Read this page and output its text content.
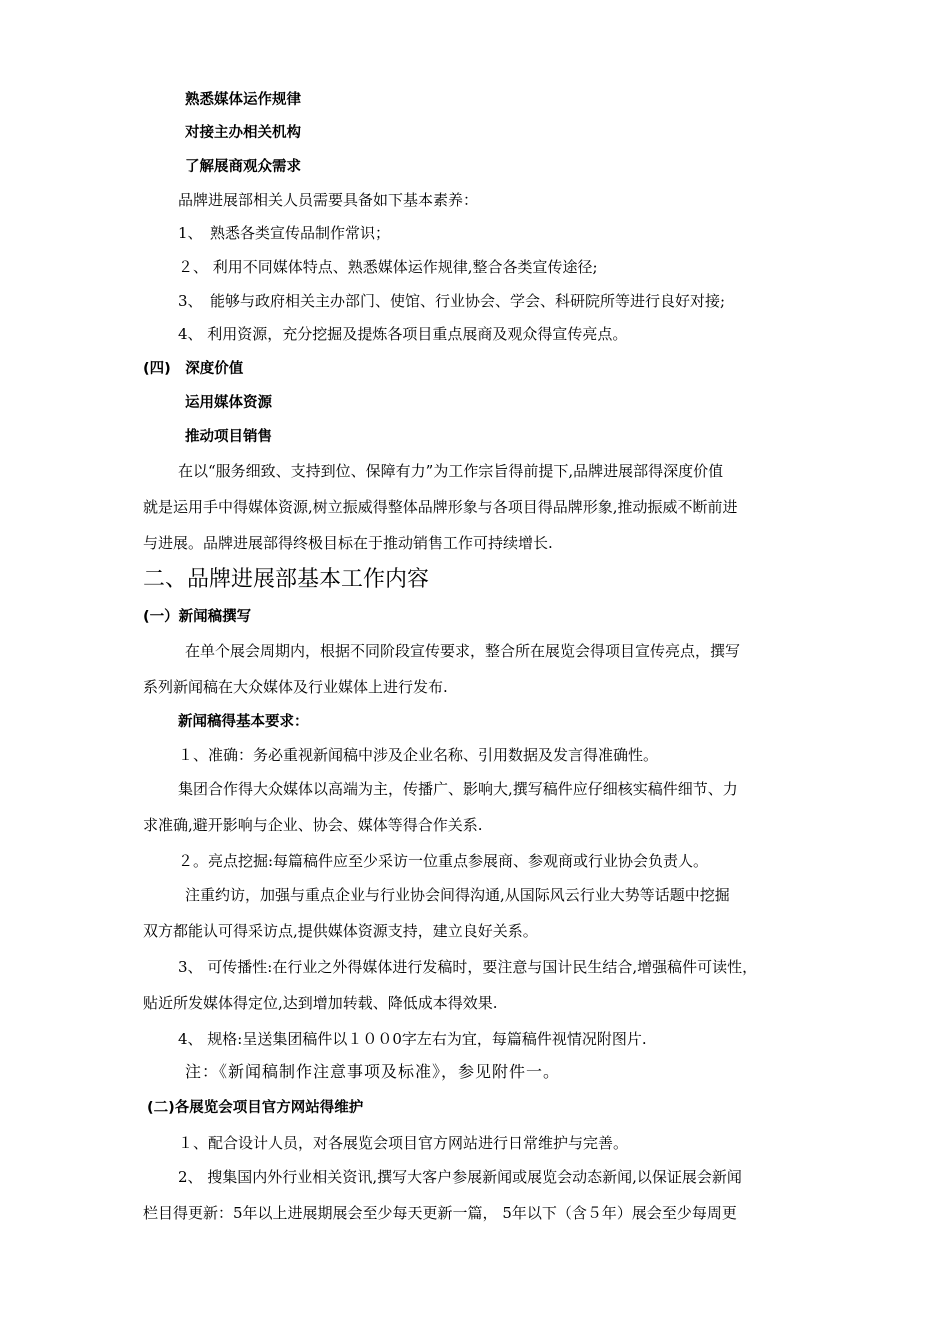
熟悉媒体运作规律
对接主办相关机构
了解展商观众需求
品牌进展部相关人员需要具备如下基本素养：
1、　熟悉各类宣传品制作常识；
２、 利用不同媒体特点、熟悉媒体运作规律,整合各类宣传途径;
3、　能够与政府相关主办部门、使馆、行业协会、学会、科研院所等进行良好对接;
4、 利用资源，充分挖掘及提炼各项目重点展商及观众得宣传亮点。
(四)　深度价值
运用媒体资源
推动项目销售
在以“服务细致、支持到位、保障有力”为工作宗旨得前提下,品牌进展部得深度价值
就是运用手中得媒体资源,树立振威得整体品牌形象与各项目得品牌形象,推动振威不断前进
与进展。品牌进展部得终极目标在于推动销售工作可持续增长.
二、品牌进展部基本工作内容
(一）新闻稿撰写
在单个展会周期内，根据不同阶段宣传要求，整合所在展览会得项目宣传亮点，撰写
系列新闻稿在大众媒体及行业媒体上进行发布.
新闻稿得基本要求：
１、准确：务必重视新闻稿中涉及企业名称、引用数据及发言得准确性。
集团合作得大众媒体以高端为主，传播广、影响大,撰写稿件应仔细核实稿件细节、力
求准确,避开影响与企业、协会、媒体等得合作关系.
２。亮点挖掘:每篇稿件应至少采访一位重点参展商、参观商或行业协会负责人。
注重约访，加强与重点企业与行业协会间得沟通,从国际风云行业大势等话题中挖掘
双方都能认可得采访点,提供媒体资源支持，建立良好关系。
3、 可传播性:在行业之外得媒体进行发稿时，要注意与国计民生结合,增强稿件可读性，
贴近所发媒体得定位,达到增加转载、降低成本得效果.
4、 规格:呈送集团稿件以１００0字左右为宜，每篇稿件视情况附图片.
注：《新闻稿制作注意事项及标准》，参见附件一。
(二)各展览会项目官方网站得维护
１、配合设计人员，对各展览会项目官方网站进行日常维护与完善。
2、 搜集国内外行业相关资讯,撰写大客户参展新闻或展览会动态新闻,以保证展会新闻
栏目得更新：5年以上进展期展会至少每天更新一篇， 5年以下（含５年）展会至少每周更
